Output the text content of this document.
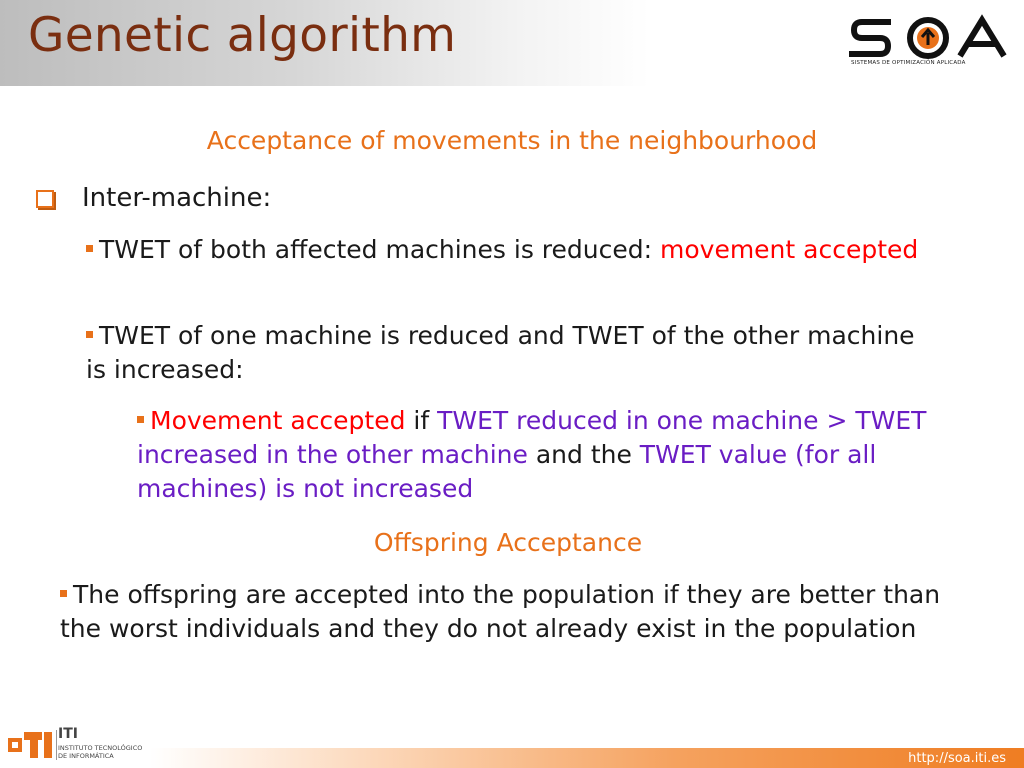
Genetic algorithm	SISTEMAS DE OPTIMIZACIÓN APLICADA
Acceptance of movements in the neighbourhood
Inter-machine:
TWET of both affected machines is reduced: movement accepted
TWET of one machine is reduced and TWET of the other machine is increased:
Movement accepted if TWET reduced in one machine > TWET increased in the other machine and the TWET value (for all machines) is not increased
Offspring Acceptance
The offspring are accepted into the population if they are better than the worst individuals and they do not already exist in the population
ITI
INSTITUTO TECNOLÓGICO
DE INFORMÁTICA	http://soa.iti.es
